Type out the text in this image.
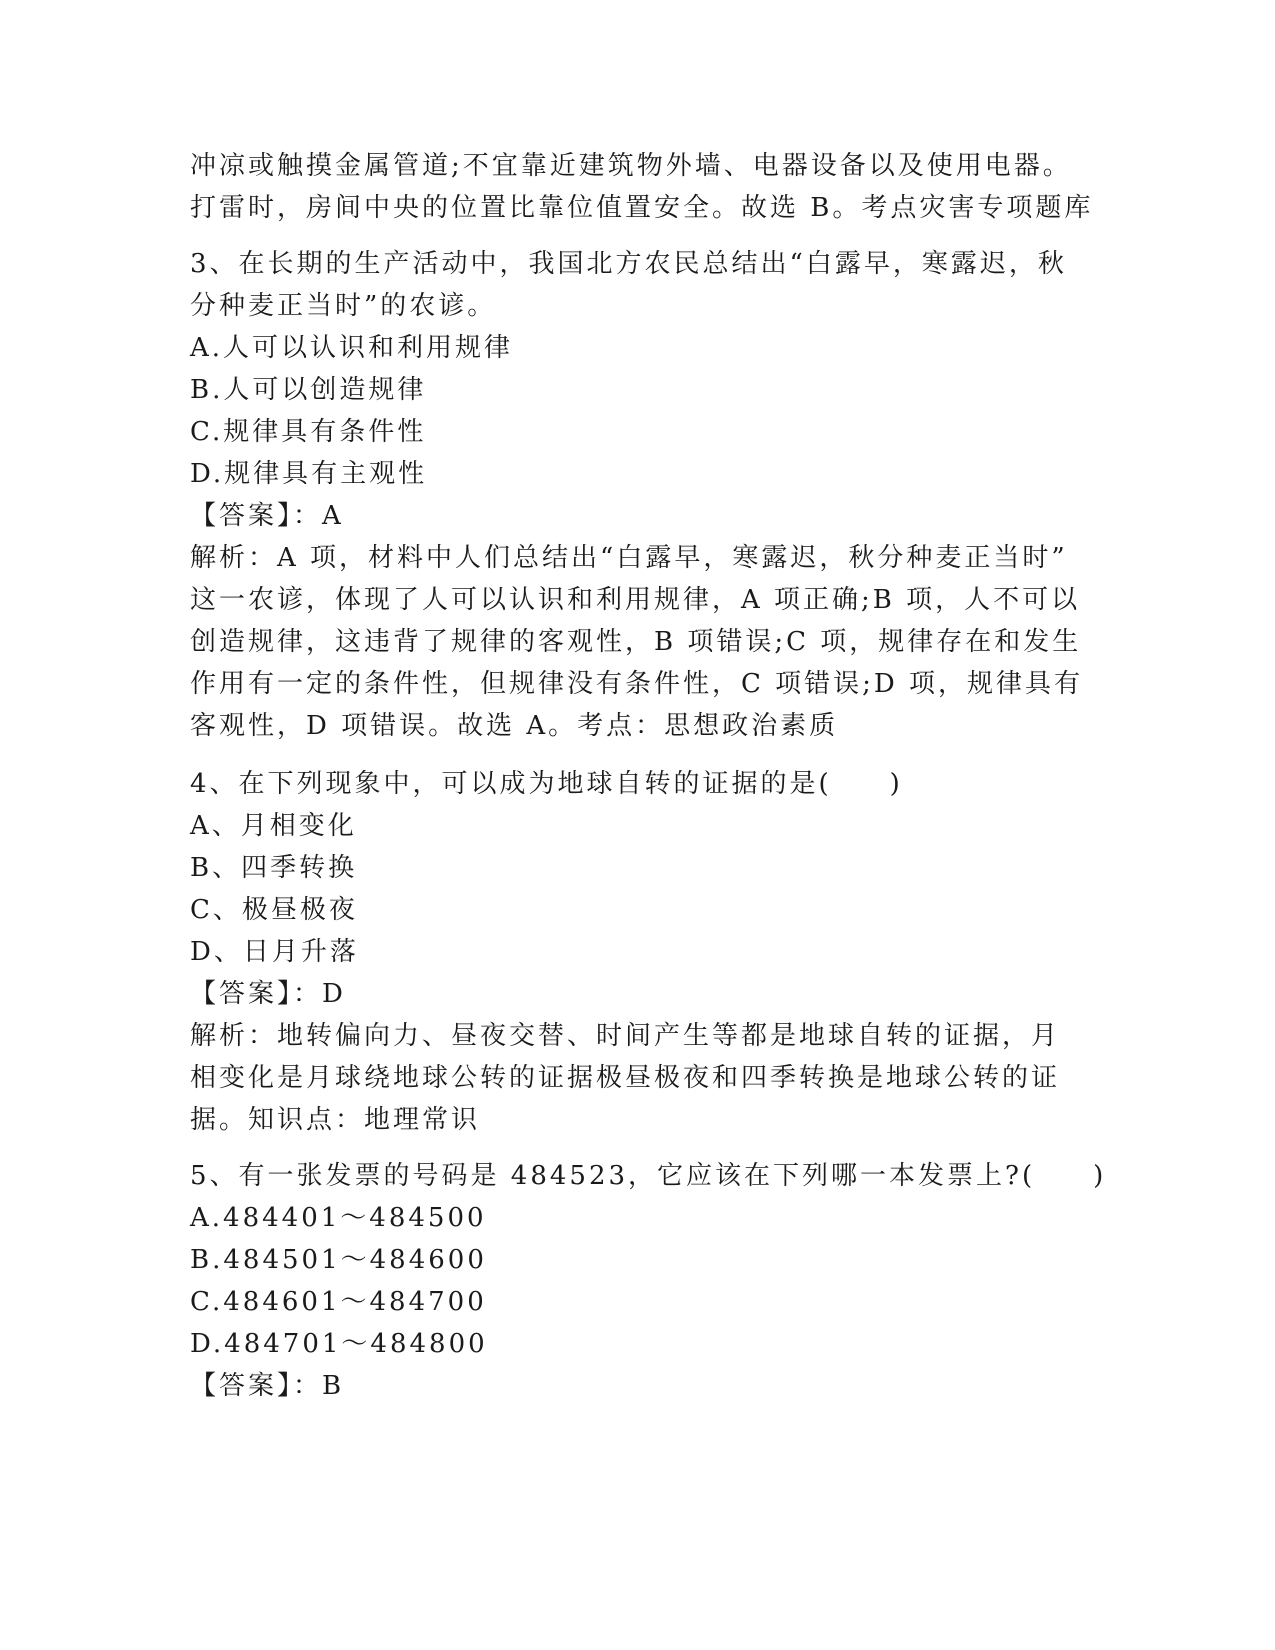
冲凉或触摸金属管道;不宜靠近建筑物外墙、电器设备以及使用电器。
打雷时，房间中央的位置比靠位值置安全。故选 B。考点灾害专项题库
3、在长期的生产活动中，我国北方农民总结出“白露早，寒露迟，秋
分种麦正当时”的农谚。
A.人可以认识和利用规律
B.人可以创造规律
C.规律具有条件性
D.规律具有主观性
【答案】：A
解析：A 项，材料中人们总结出“白露早，寒露迟，秋分种麦正当时”
这一农谚，体现了人可以认识和利用规律，A 项正确;B 项，人不可以
创造规律，这违背了规律的客观性，B 项错误;C 项，规律存在和发生
作用有一定的条件性，但规律没有条件性，C 项错误;D 项，规律具有
客观性，D 项错误。故选 A。考点：思想政治素质
4、在下列现象中，可以成为地球自转的证据的是(　　)
A、月相变化
B、四季转换
C、极昼极夜
D、日月升落
【答案】：D
解析：地转偏向力、昼夜交替、时间产生等都是地球自转的证据，月
相变化是月球绕地球公转的证据极昼极夜和四季转换是地球公转的证
据。知识点：地理常识
5、有一张发票的号码是 484523，它应该在下列哪一本发票上?(　　)
A.484401～484500
B.484501～484600
C.484601～484700
D.484701～484800
【答案】：B
